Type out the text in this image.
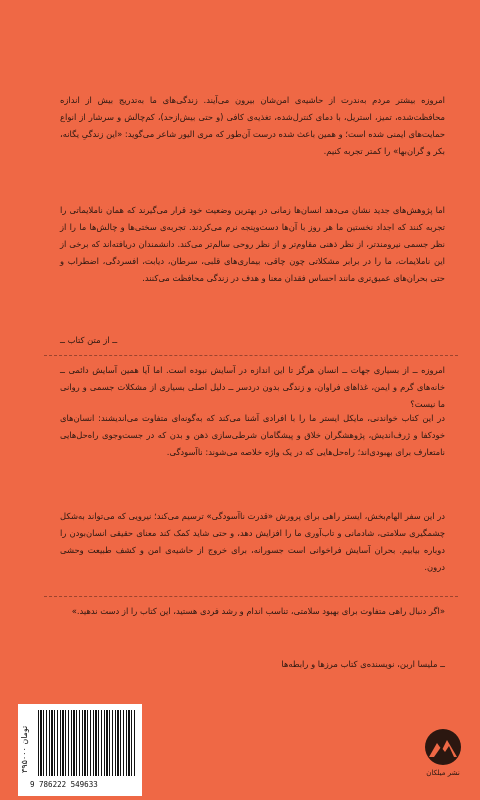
امروزه بیشتر مردم به‌ندرت از حاشیه‌ی امن‌شان بیرون می‌آیند. زندگی‌های ما به‌تدریج بیش از اندازه محافظت‌شده، تمیز، استریل، با دمای کنترل‌شده، تغذیه‌ی کافی (و حتی بیش‌ازحد)، کم‌چالش و سرشار از انواع حمایت‌های ایمنی شده است؛ و همین باعث شده درست آن‌طور که مری الیور شاعر می‌گوید: «این زندگیِ یگانه، بکر و گران‌بها» را کمتر تجربه کنیم.

اما پژوهش‌های جدید نشان می‌دهد انسان‌ها زمانی در بهترین وضعیت خود قرار می‌گیرند که همان ناملایماتی را تجربه کنند که اجداد نخستین ما هر روز با آن‌ها دست‌وپنجه نرم می‌کردند. تجربه‌ی سختی‌ها و چالش‌ها ما را از نظر جسمی نیرومندتر، از نظر ذهنی مقاوم‌تر و از نظر روحی سالم‌تر می‌کند. دانشمندان دریافته‌اند که برخی از این ناملایمات، ما را در برابر مشکلاتی چون چاقی، بیماری‌های قلبی، سرطان، دیابت، افسردگی، اضطراب و حتی بحران‌های عمیق‌تری مانند احساس فقدان معنا و هدف در زندگی محافظت می‌کنند.

ــ از متن کتاب ــ

امروزه ــ از بسیاری جهات ــ انسان هرگز تا این اندازه در آسایش نبوده است. اما آیا همین آسایش دائمی ــ خانه‌های گرم و ایمن، غذاهای فراوان، و زندگی بدون دردسر ــ دلیل اصلی بسیاری از مشکلات جسمی و روانی ما نیست؟

در این کتاب خواندنی، مایکل ایستر ما را با افرادی آشنا می‌کند که به‌گونه‌ای متفاوت می‌اندیشند: انسان‌های خودکفا و ژرف‌اندیش، پژوهشگران خلاق و پیشگامان شرطی‌سازی ذهن و بدن که در جست‌وجوی راه‌حل‌هایی نامتعارف برای بهبودی‌اند؛ راه‌حل‌هایی که در یک واژه خلاصه می‌شوند: ناآسودگی.

در این سفر الهام‌بخش، ایستر راهی برای پرورش «قدرت ناآسودگی» ترسیم می‌کند؛ نیرویی که می‌تواند به‌شکل چشمگیری سلامتی، شادمانی و تاب‌آوری ما را افزایش دهد، و حتی شاید کمک کند معنای حقیقی انسان‌بودن را دوباره بیابیم. بحران آسایش فراخوانی است جسورانه، برای خروج از حاشیه‌ی امن و کشف طبیعت وحشی درون.

«اگر دنبال راهی متفاوت برای بهبود سلامتی، تناسب اندام و رشد فردی هستید، این کتاب را از دست ندهید.»

ــ ملیسا اربن، نویسنده‌ی کتاب مرزها و رابطه‌ها
۳۹۵۰۰۰ تومان
9 786222 549633
نشر میلکان
